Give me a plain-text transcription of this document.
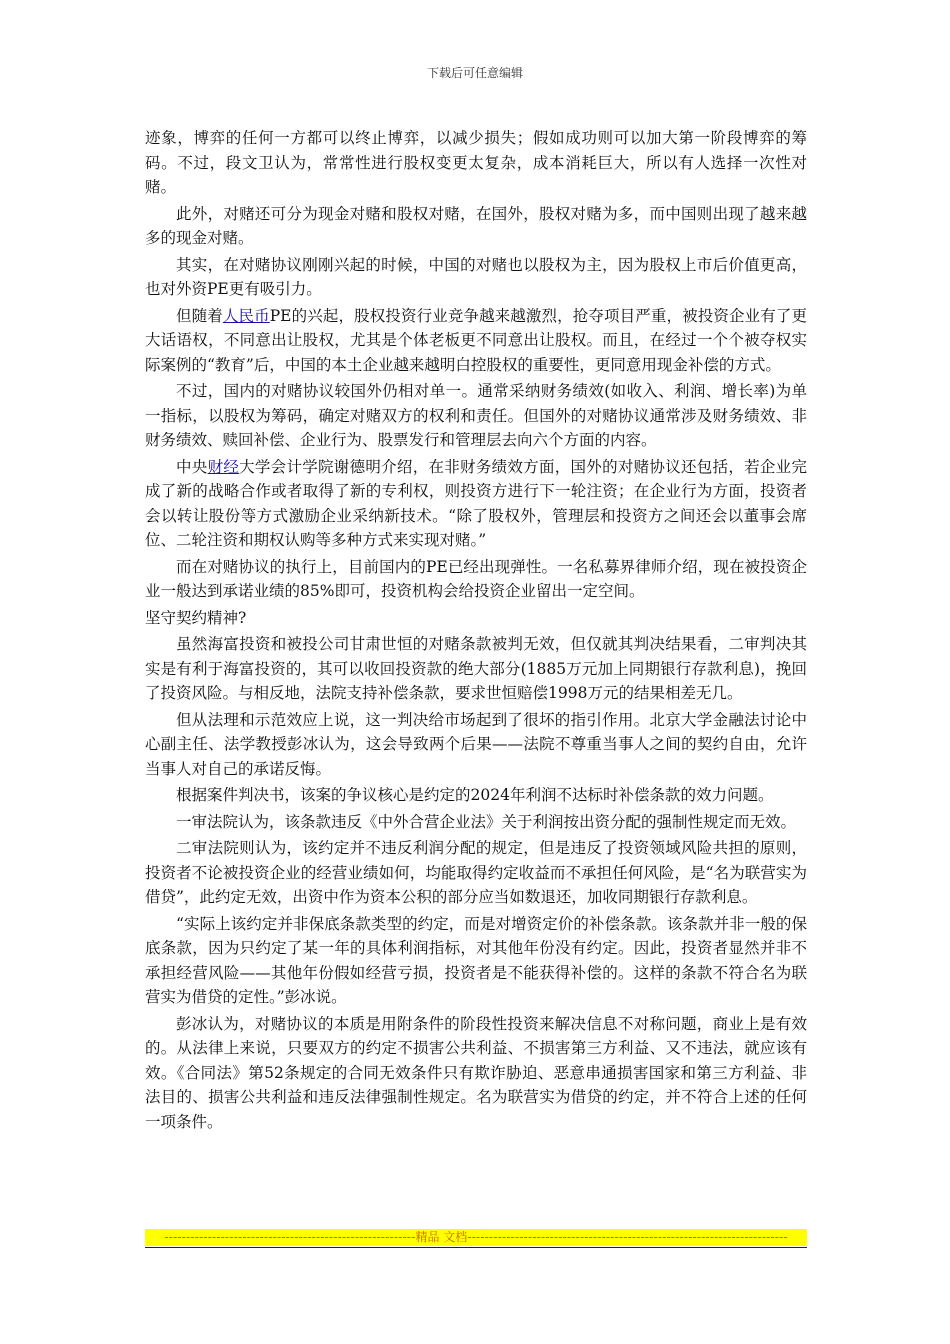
下载后可任意编辑

迹象，博弈的任何一方都可以终止博弈，以减少损失；假如成功则可以加大第一阶段博弈的筹码。不过，段文卫认为，常常性进行股权变更太复杂，成本消耗巨大，所以有人选择一次性对赌。

此外，对赌还可分为现金对赌和股权对赌，在国外，股权对赌为多，而中国则出现了越来越多的现金对赌。

其实，在对赌协议刚刚兴起的时候，中国的对赌也以股权为主，因为股权上市后价值更高，也对外资PE更有吸引力。

但随着人民币PE的兴起，股权投资行业竞争越来越激烈，抢夺项目严重，被投资企业有了更大话语权，不同意出让股权，尤其是个体老板更不同意出让股权。而且，在经过一个个被夺权实际案例的“教育”后，中国的本土企业越来越明白控股权的重要性，更同意用现金补偿的方式。

不过，国内的对赌协议较国外仍相对单一。通常采纳财务绩效(如收入、利润、增长率)为单一指标，以股权为筹码，确定对赌双方的权利和责任。但国外的对赌协议通常涉及财务绩效、非财务绩效、赎回补偿、企业行为、股票发行和管理层去向六个方面的内容。

中央财经大学会计学院谢德明介绍，在非财务绩效方面，国外的对赌协议还包括，若企业完成了新的战略合作或者取得了新的专利权，则投资方进行下一轮注资；在企业行为方面，投资者会以转让股份等方式激励企业采纳新技术。“除了股权外，管理层和投资方之间还会以董事会席位、二轮注资和期权认购等多种方式来实现对赌。”

而在对赌协议的执行上，目前国内的PE已经出现弹性。一名私募界律师介绍，现在被投资企业一般达到承诺业绩的85%即可，投资机构会给投资企业留出一定空间。

坚守契约精神?

虽然海富投资和被投公司甘肃世恒的对赌条款被判无效，但仅就其判决结果看，二审判决其实是有利于海富投资的，其可以收回投资款的绝大部分(1885万元加上同期银行存款利息)，挽回了投资风险。与相反地，法院支持补偿条款，要求世恒赔偿1998万元的结果相差无几。

但从法理和示范效应上说，这一判决给市场起到了很坏的指引作用。北京大学金融法讨论中心副主任、法学教授彭冰认为，这会导致两个后果——法院不尊重当事人之间的契约自由，允许当事人对自己的承诺反悔。

根据案件判决书，该案的争议核心是约定的2024年利润不达标时补偿条款的效力问题。

一审法院认为，该条款违反《中外合营企业法》关于利润按出资分配的强制性规定而无效。

二审法院则认为，该约定并不违反利润分配的规定，但是违反了投资领域风险共担的原则，投资者不论被投资企业的经营业绩如何，均能取得约定收益而不承担任何风险，是“名为联营实为借贷”，此约定无效，出资中作为资本公积的部分应当如数退还，加收同期银行存款利息。

“实际上该约定并非保底条款类型的约定，而是对增资定价的补偿条款。该条款并非一般的保底条款，因为只约定了某一年的具体利润指标，对其他年份没有约定。因此，投资者显然并非不承担经营风险——其他年份假如经营亏损，投资者是不能获得补偿的。这样的条款不符合名为联营实为借贷的定性。”彭冰说。

彭冰认为，对赌协议的本质是用附条件的阶段性投资来解决信息不对称问题，商业上是有效的。从法律上来说，只要双方的约定不损害公共利益、不损害第三方利益、又不违法，就应该有效。《合同法》第52条规定的合同无效条件只有欺诈胁迫、恶意串通损害国家和第三方利益、非法目的、损害公共利益和违反法律强制性规定。名为联营实为借贷的约定，并不符合上述的任何一项条件。

----------------------------------------------------------精品 文档--------------------------------------------------------------------------
